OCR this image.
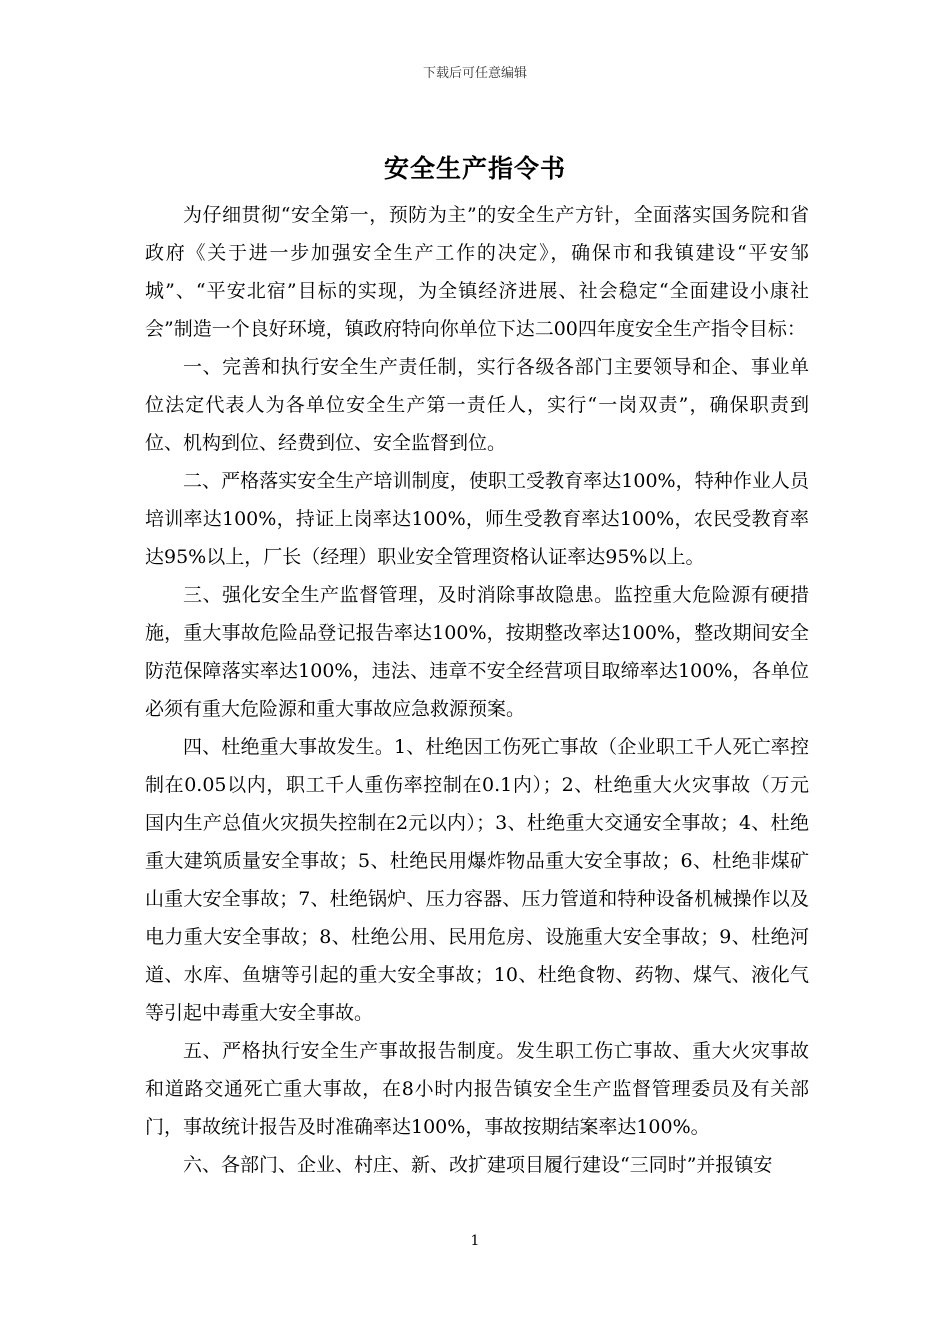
下载后可任意编辑
安全生产指令书

为仔细贯彻“安全第一，预防为主”的安全生产方针，全面落实国务院和省政府《关于进一步加强安全生产工作的决定》，确保市和我镇建设“平安邹城”、“平安北宿”目标的实现，为全镇经济进展、社会稳定“全面建设小康社会”制造一个良好环境，镇政府特向你单位下达二00四年度安全生产指令目标：

一、完善和执行安全生产责任制，实行各级各部门主要领导和企、事业单位法定代表人为各单位安全生产第一责任人，实行“一岗双责”，确保职责到位、机构到位、经费到位、安全监督到位。

二、严格落实安全生产培训制度，使职工受教育率达100%，特种作业人员培训率达100%，持证上岗率达100%，师生受教育率达100%，农民受教育率达95%以上，厂长（经理）职业安全管理资格认证率达95%以上。

三、强化安全生产监督管理，及时消除事故隐患。监控重大危险源有硬措施，重大事故危险品登记报告率达100%，按期整改率达100%，整改期间安全防范保障落实率达100%，违法、违章不安全经营项目取缔率达100%，各单位必须有重大危险源和重大事故应急救源预案。

四、杜绝重大事故发生。1、杜绝因工伤死亡事故（企业职工千人死亡率控制在0.05以内，职工千人重伤率控制在0.1内）；2、杜绝重大火灾事故（万元国内生产总值火灾损失控制在2元以内）；3、杜绝重大交通安全事故；4、杜绝重大建筑质量安全事故；5、杜绝民用爆炸物品重大安全事故；6、杜绝非煤矿山重大安全事故；7、杜绝锅炉、压力容器、压力管道和特种设备机械操作以及电力重大安全事故；8、杜绝公用、民用危房、设施重大安全事故；9、杜绝河道、水库、鱼塘等引起的重大安全事故；10、杜绝食物、药物、煤气、液化气等引起中毒重大安全事故。

五、严格执行安全生产事故报告制度。发生职工伤亡事故、重大火灾事故和道路交通死亡重大事故，在8小时内报告镇安全生产监督管理委员及有关部门，事故统计报告及时准确率达100%，事故按期结案率达100%。

六、各部门、企业、村庄、新、改扩建项目履行建设“三同时”并报镇安

1
